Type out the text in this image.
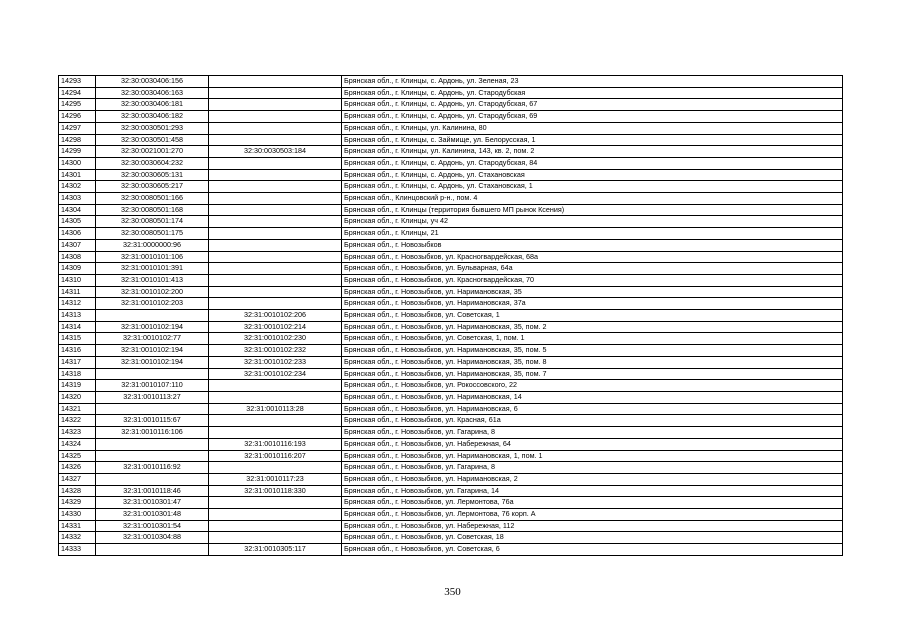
14293	32:30:0030406:156		Брянская обл., г. Клинцы, с. Ардонь, ул. Зеленая, 23
14294	32:30:0030406:163		Брянская обл., г. Клинцы, с. Ардонь, ул. Стародубская
14295	32:30:0030406:181		Брянская обл., г. Клинцы, с. Ардонь, ул. Стародубская, 67
14296	32:30:0030406:182		Брянская обл., г. Клинцы, с. Ардонь, ул. Стародубская, 69
14297	32:30:0030501:293		Брянская обл., г. Клинцы, ул. Калинина, 80
14298	32:30:0030501:458		Брянская обл., г. Клинцы, с. Займище, ул. Белорусская, 1
14299	32:30:0021001:270	32:30:0030503:184	Брянская обл., г. Клинцы, ул. Калинина, 143, кв. 2, пом. 2
14300	32:30:0030604:232		Брянская обл., г. Клинцы, с. Ардонь, ул. Стародубская, 84
14301	32:30:0030605:131		Брянская обл., г. Клинцы, с. Ардонь, ул. Стахановская
14302	32:30:0030605:217		Брянская обл., г. Клинцы, с. Ардонь, ул. Стахановская, 1
14303	32:30:0080501:166		Брянская обл., Клинцовский р-н., пом. 4
14304	32:30:0080501:168		Брянская обл., г. Клинцы (территория бывшего МП рынок Ксения)
14305	32:30:0080501:174		Брянская обл., г. Клинцы, уч 42
14306	32:30:0080501:175		Брянская обл., г. Клинцы, 21
14307	32:31:0000000:96		Брянская обл., г. Новозыбков
14308	32:31:0010101:106		Брянская обл., г. Новозыбков, ул. Красногвардейская, 68а
14309	32:31:0010101:391		Брянская обл., г. Новозыбков, ул. Бульварная, 64а
14310	32:31:0010101:413		Брянская обл., г. Новозыбков, ул. Красногвардейская, 70
14311	32:31:0010102:200		Брянская обл., г. Новозыбков, ул. Наримановская, 35
14312	32:31:0010102:203		Брянская обл., г. Новозыбков, ул. Наримановская, 37а
14313		32:31:0010102:206	Брянская обл., г. Новозыбков, ул. Советская, 1
14314	32:31:0010102:194	32:31:0010102:214	Брянская обл., г. Новозыбков, ул. Наримановская, 35, пом. 2
14315	32:31:0010102:77	32:31:0010102:230	Брянская обл., г. Новозыбков, ул. Советская, 1, пом. 1
14316	32:31:0010102:194	32:31:0010102:232	Брянская обл., г. Новозыбков, ул. Наримановская, 35, пом. 5
14317	32:31:0010102:194	32:31:0010102:233	Брянская обл., г. Новозыбков, ул. Наримановская, 35, пом. 8
14318		32:31:0010102:234	Брянская обл., г. Новозыбков, ул. Наримановская, 35, пом. 7
14319	32:31:0010107:110		Брянская обл., г. Новозыбков, ул. Рокоссовского, 22
14320	32:31:0010113:27		Брянская обл., г. Новозыбков, ул. Наримановская, 14
14321		32:31:0010113:28	Брянская обл., г. Новозыбков, ул. Наримановская, 6
14322	32:31:0010115:67		Брянская обл., г. Новозыбков, ул. Красная, 61а
14323	32:31:0010116:106		Брянская обл., г. Новозыбков, ул. Гагарина, 8
14324		32:31:0010116:193	Брянская обл., г. Новозыбков, ул. Набережная, 64
14325		32:31:0010116:207	Брянская обл., г. Новозыбков, ул. Наримановская, 1, пом. 1
14326	32:31:0010116:92		Брянская обл., г. Новозыбков, ул. Гагарина, 8
14327		32:31:0010117:23	Брянская обл., г. Новозыбков, ул. Наримановская, 2
14328	32:31:0010118:46	32:31:0010118:330	Брянская обл., г. Новозыбков, ул. Гагарина, 14
14329	32:31:0010301:47		Брянская обл., г. Новозыбков, ул. Лермонтова, 76а
14330	32:31:0010301:48		Брянская обл., г. Новозыбков, ул. Лермонтова, 76 корп. А
14331	32:31:0010301:54		Брянская обл., г. Новозыбков, ул. Набережная, 112
14332	32:31:0010304:88		Брянская обл., г. Новозыбков, ул. Советская, 18
14333		32:31:0010305:117	Брянская обл., г. Новозыбков, ул. Советская, 6
350
